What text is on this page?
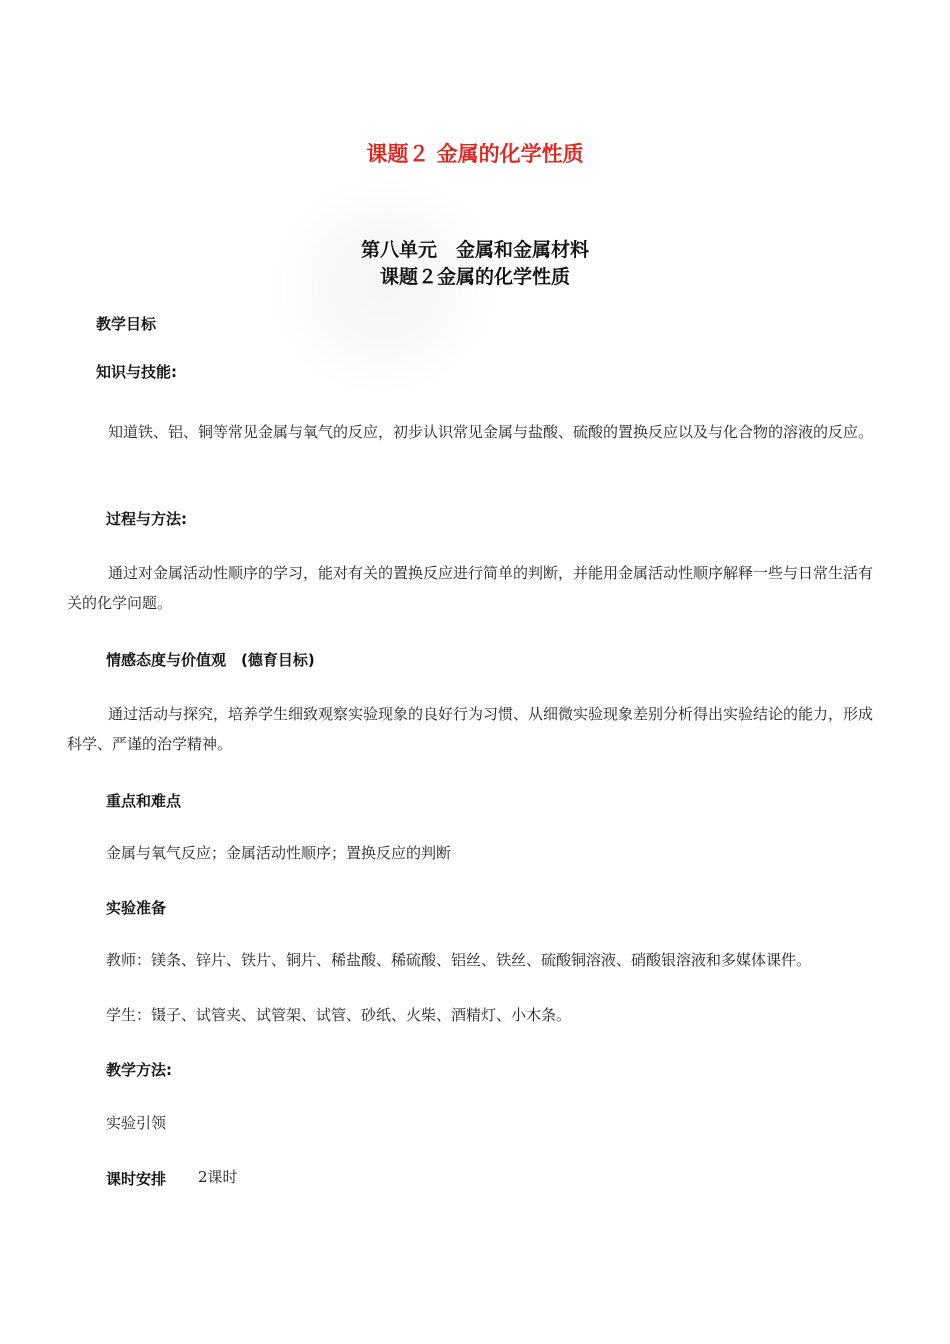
课题２ 金属的化学性质
第八单元　金属和金属材料
课题２金属的化学性质
教学目标
知识与技能:
知道铁、铝、铜等常见金属与氧气的反应，初步认识常见金属与盐酸、硫酸的置换反应以及与化合物的溶液的反应。
过程与方法:
通过对金属活动性顺序的学习，能对有关的置换反应进行简单的判断，并能用金属活动性顺序解释一些与日常生活有关的化学问题。
情感态度与价值观　(德育目标)
通过活动与探究，培养学生细致观察实验现象的良好行为习惯、从细微实验现象差别分析得出实验结论的能力，形成科学、严谨的治学精神。
重点和难点
金属与氧气反应；金属活动性顺序；置换反应的判断
实验准备
教师：镁条、锌片、铁片、铜片、稀盐酸、稀硫酸、铝丝、铁丝、硫酸铜溶液、硝酸银溶液和多媒体课件。
学生：镊子、试管夹、试管架、试管、砂纸、火柴、酒精灯、小木条。
教学方法:
实验引领
课时安排 2课时
